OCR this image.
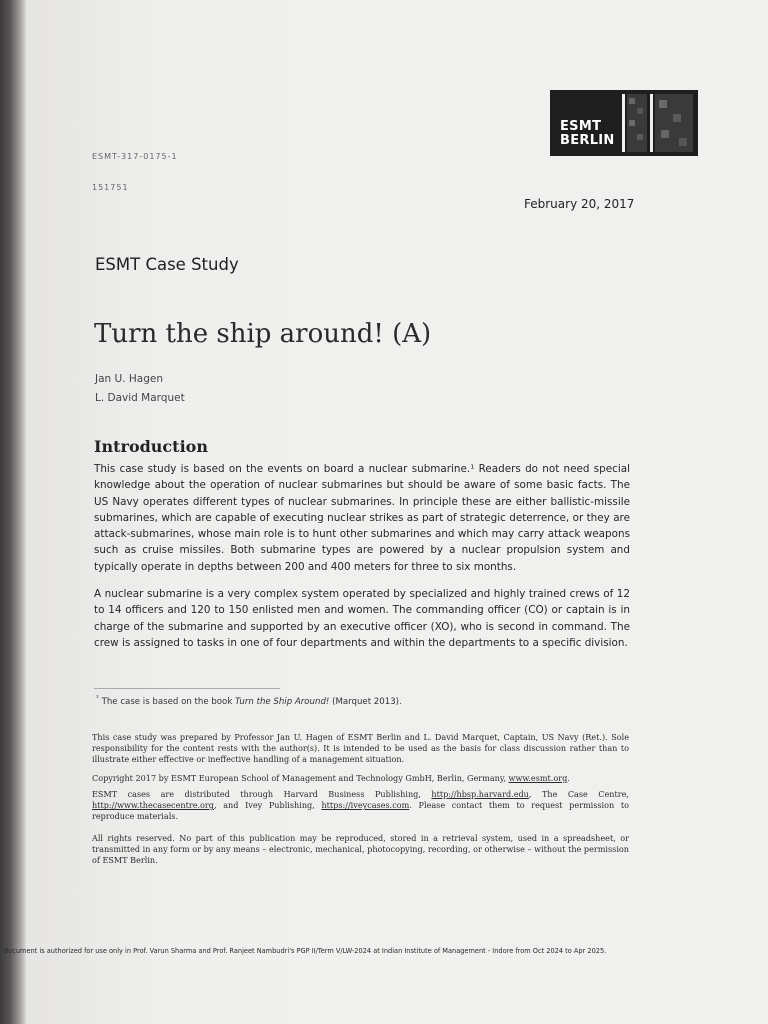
ESMT-317-0175-1
151751
ESMT
BERLIN
February 20, 2017
ESMT Case Study
Turn the ship around! (A)
Jan U. Hagen
L. David Marquet
Introduction
This case study is based on the events on board a nuclear submarine.¹ Readers do not need special knowledge about the operation of nuclear submarines but should be aware of some basic facts. The US Navy operates different types of nuclear submarines. In principle these are either ballistic-missile submarines, which are capable of executing nuclear strikes as part of strategic deterrence, or they are attack-submarines, whose main role is to hunt other submarines and which may carry attack weapons such as cruise missiles. Both submarine types are powered by a nuclear propulsion system and typically operate in depths between 200 and 400 meters for three to six months.
A nuclear submarine is a very complex system operated by specialized and highly trained crews of 12 to 14 officers and 120 to 150 enlisted men and women. The commanding officer (CO) or captain is in charge of the submarine and supported by an executive officer (XO), who is second in command. The crew is assigned to tasks in one of four departments and within the departments to a specific division.
$^{^1}$ The case is based on the book Turn the Ship Around! (Marquet 2013).
This case study was prepared by Professor Jan U. Hagen of ESMT Berlin and L. David Marquet, Captain, US Navy (Ret.). Sole responsibility for the content rests with the author(s). It is intended to be used as the basis for class discussion rather than to illustrate either effective or ineffective handling of a management situation.
Copyright 2017 by ESMT European School of Management and Technology GmbH, Berlin, Germany, www.esmt.org.
ESMT cases are distributed through Harvard Business Publishing, http://hbsp.harvard.edu, The Case Centre, http://www.thecasecentre.org, and Ivey Publishing, https://iveycases.com. Please contact them to request permission to reproduce materials.
All rights reserved. No part of this publication may be reproduced, stored in a retrieval system, used in a spreadsheet, or transmitted in any form or by any means – electronic, mechanical, photocopying, recording, or otherwise – without the permission of ESMT Berlin.
document is authorized for use only in Prof. Varun Sharma and Prof. Ranjeet Nambudri's PGP II/Term V/LW-2024 at Indian Institute of Management - Indore from Oct 2024 to Apr 2025.
